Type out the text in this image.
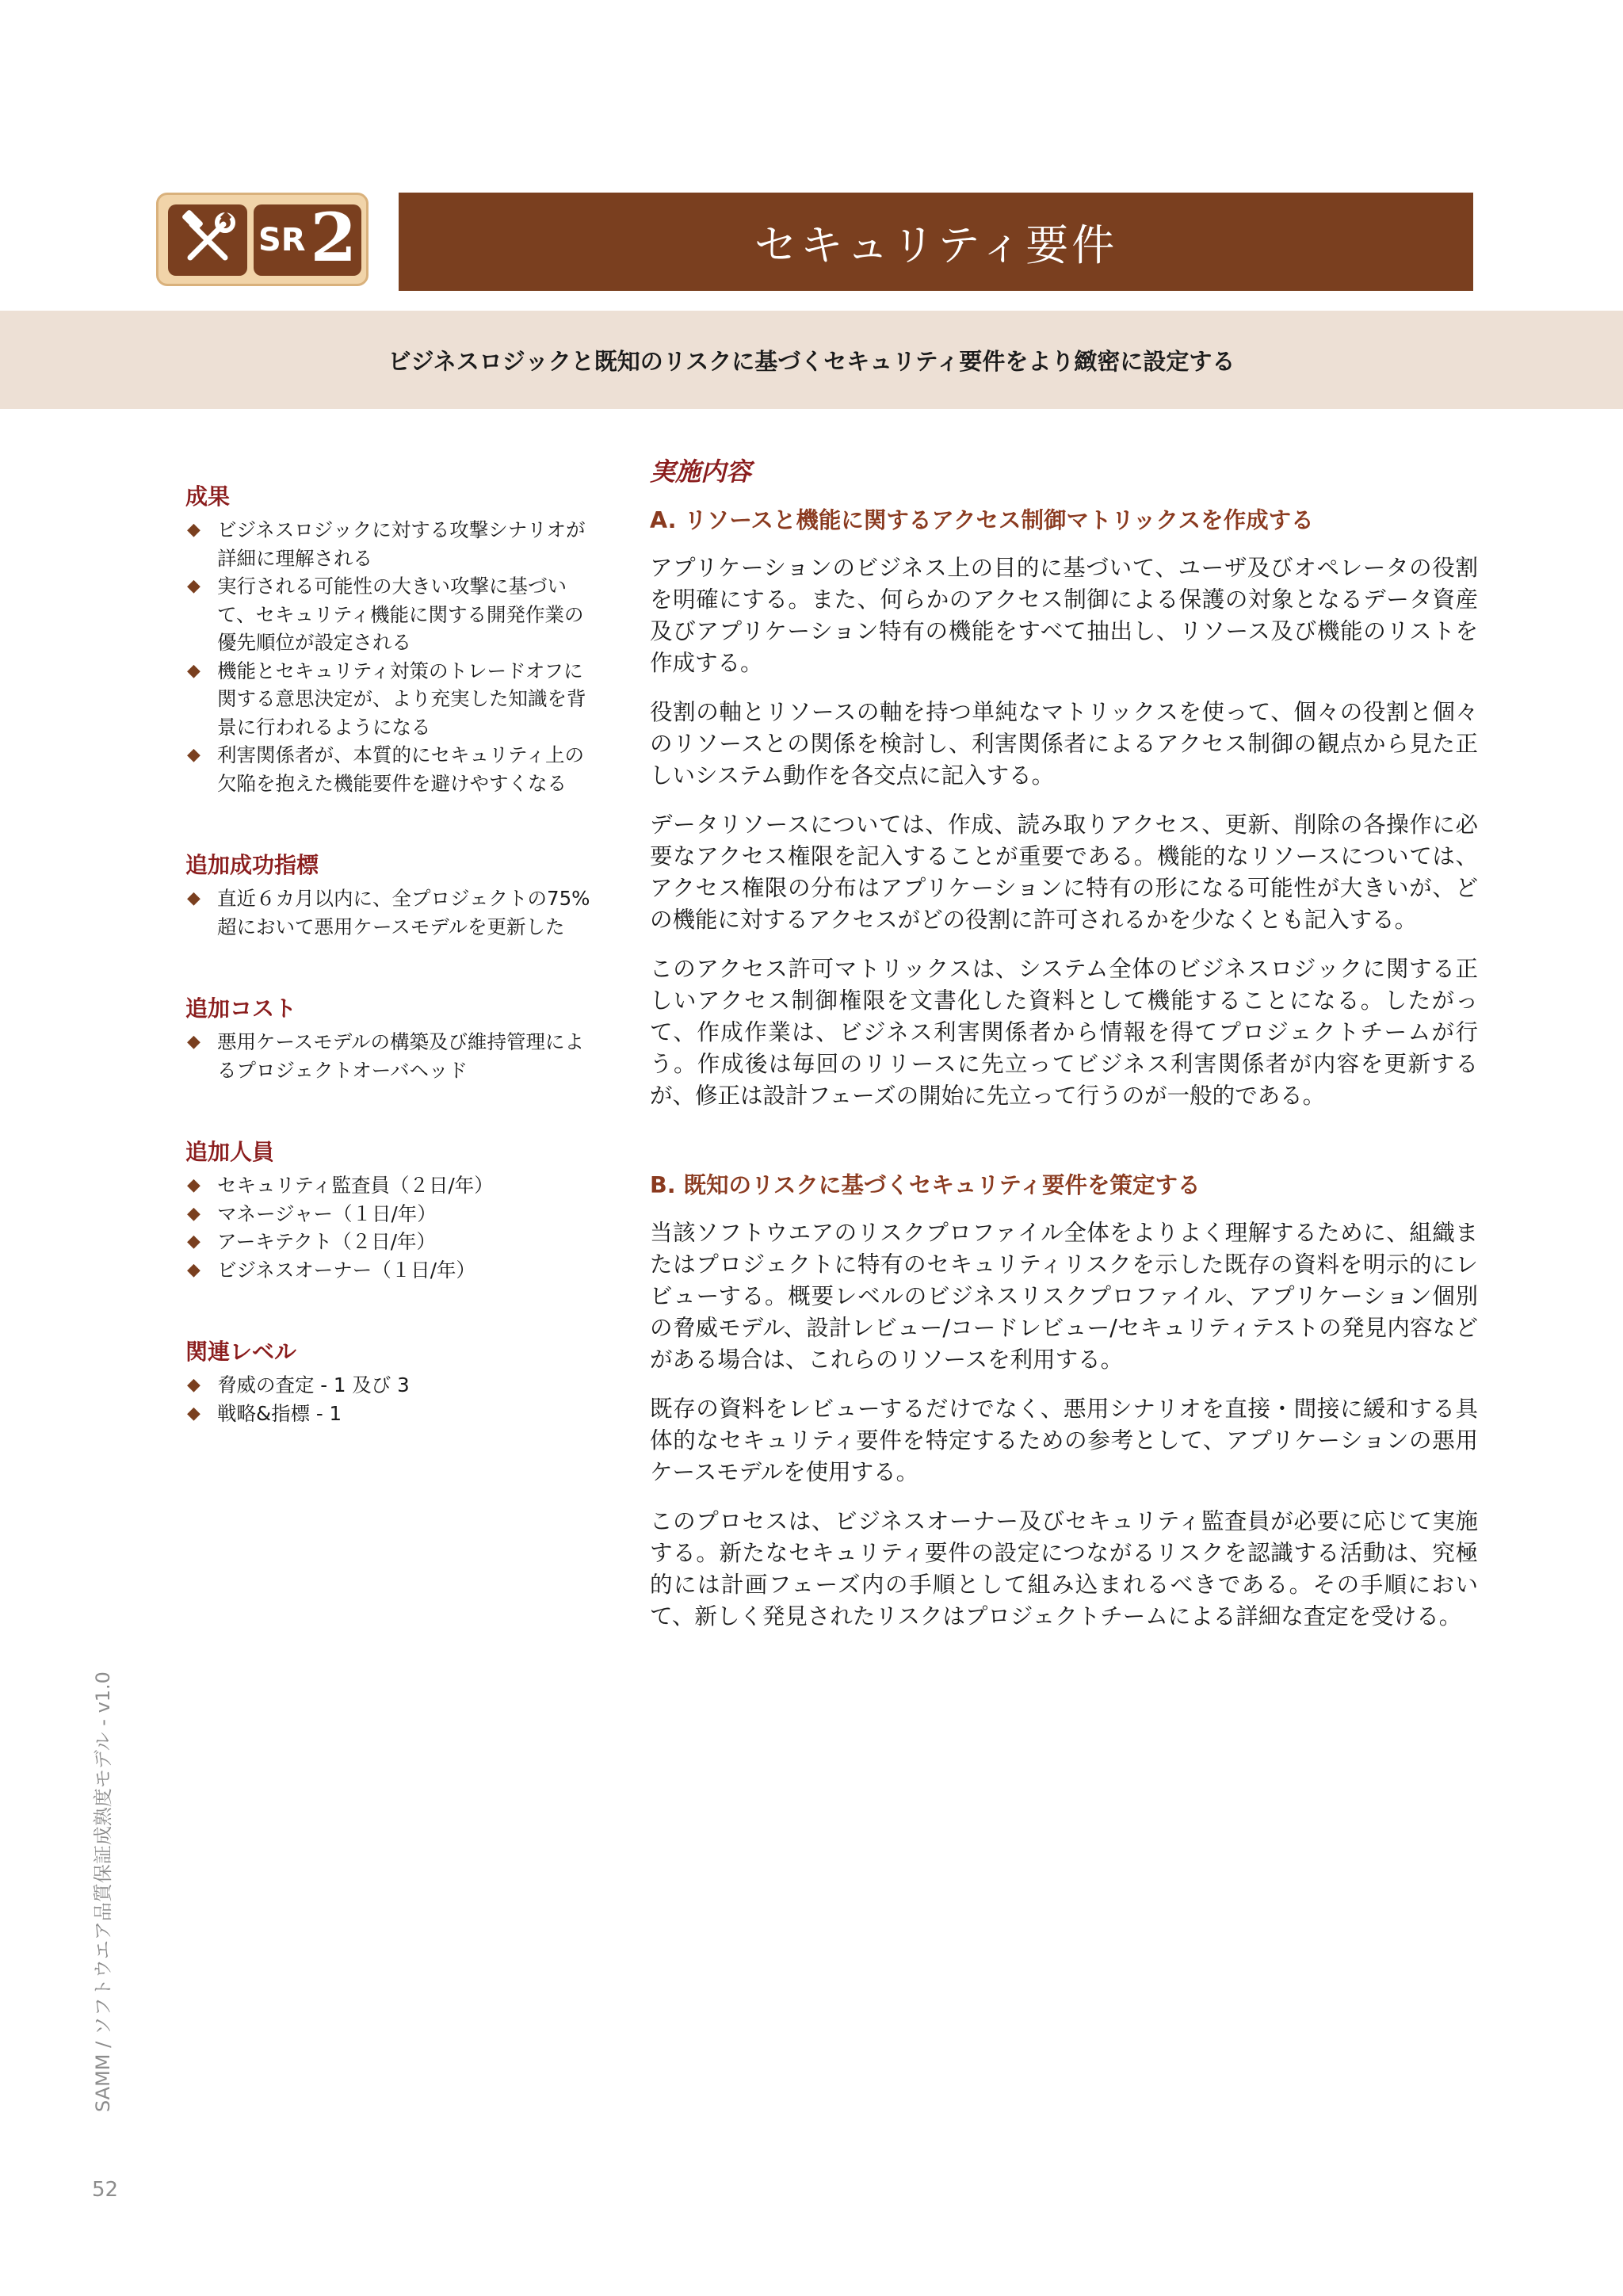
SR 2	セキュリティ要件

ビジネスロジックと既知のリスクに基づくセキュリティ要件をより緻密に設定する

成果
◆ ビジネスロジックに対する攻撃シナリオが詳細に理解される
◆ 実行される可能性の大きい攻撃に基づいて、セキュリティ機能に関する開発作業の優先順位が設定される
◆ 機能とセキュリティ対策のトレードオフに関する意思決定が、より充実した知識を背景に行われるようになる
◆ 利害関係者が、本質的にセキュリティ上の欠陥を抱えた機能要件を避けやすくなる
追加成功指標
◆ 直近６カ月以内に、全プロジェクトの75%超において悪用ケースモデルを更新した
追加コスト
◆ 悪用ケースモデルの構築及び維持管理によるプロジェクトオーバヘッド
追加人員
◆ セキュリティ監査員（２日/年）
◆ マネージャー（１日/年）
◆ アーキテクト（２日/年）
◆ ビジネスオーナー（１日/年）
関連レベル
◆ 脅威の査定 - 1 及び 3
◆ 戦略&指標 - 1
実施内容
A. リソースと機能に関するアクセス制御マトリックスを作成する

アプリケーションのビジネス上の目的に基づいて、ユーザ及びオペレータの役割を明確にする。また、何らかのアクセス制御による保護の対象となるデータ資産及びアプリケーション特有の機能をすべて抽出し、リソース及び機能のリストを作成する。

役割の軸とリソースの軸を持つ単純なマトリックスを使って、個々の役割と個々のリソースとの関係を検討し、利害関係者によるアクセス制御の観点から見た正しいシステム動作を各交点に記入する。

データリソースについては、作成、読み取りアクセス、更新、削除の各操作に必要なアクセス権限を記入することが重要である。機能的なリソースについては、アクセス権限の分布はアプリケーションに特有の形になる可能性が大きいが、どの機能に対するアクセスがどの役割に許可されるかを少なくとも記入する。

このアクセス許可マトリックスは、システム全体のビジネスロジックに関する正しいアクセス制御権限を文書化した資料として機能することになる。したがって、作成作業は、ビジネス利害関係者から情報を得てプロジェクトチームが行う。作成後は毎回のリリースに先立ってビジネス利害関係者が内容を更新するが、修正は設計フェーズの開始に先立って行うのが一般的である。

B. 既知のリスクに基づくセキュリティ要件を策定する

当該ソフトウエアのリスクプロファイル全体をよりよく理解するために、組織またはプロジェクトに特有のセキュリティリスクを示した既存の資料を明示的にレビューする。概要レベルのビジネスリスクプロファイル、アプリケーション個別の脅威モデル、設計レビュー/コードレビュー/セキュリティテストの発見内容などがある場合は、これらのリソースを利用する。

既存の資料をレビューするだけでなく、悪用シナリオを直接・間接に緩和する具体的なセキュリティ要件を特定するための参考として、アプリケーションの悪用ケースモデルを使用する。

このプロセスは、ビジネスオーナー及びセキュリティ監査員が必要に応じて実施する。新たなセキュリティ要件の設定につながるリスクを認識する活動は、究極的には計画フェーズ内の手順として組み込まれるべきである。その手順において、新しく発見されたリスクはプロジェクトチームによる詳細な査定を受ける。

SAMM / ソフトウエア品質保証成熟度モデル - v1.0
52
